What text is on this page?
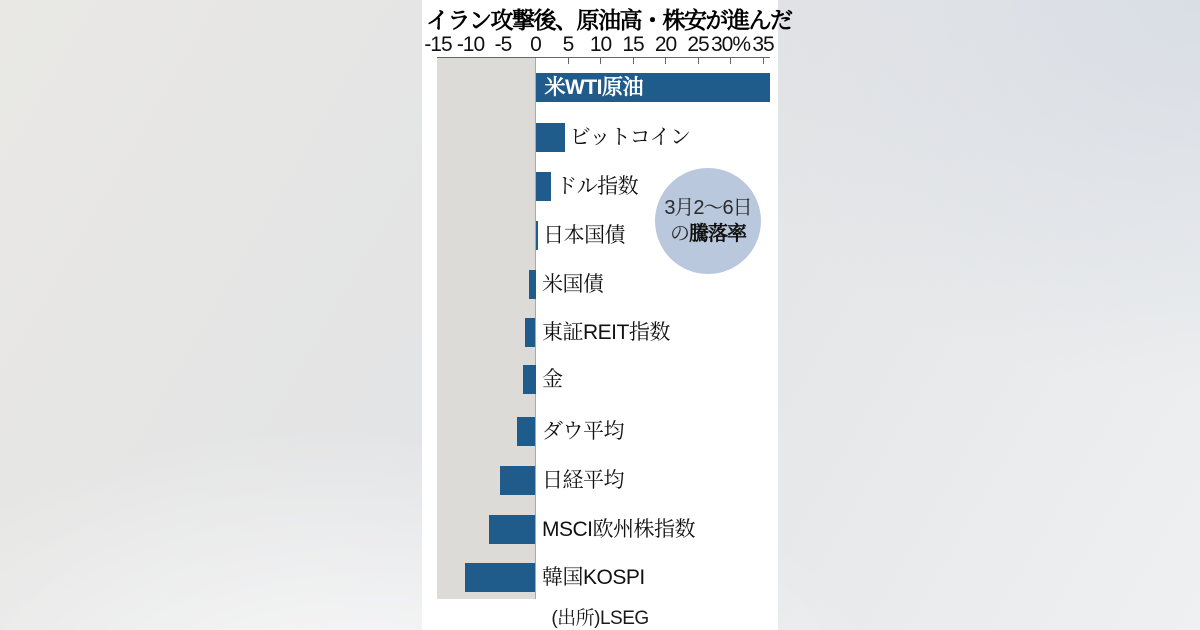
イラン攻撃後、原油高・株安が進んだ
-15 -10 -5 0	5 10 15 20 25 30% 35
米WTI原油
ビットコイン
ドル指数
日本国債
米国債
東証REIT指数
金
ダウ平均
日経平均
MSCI欧州株指数
韓国KOSPI
3月2〜6日
の騰落率
(出所)LSEG
